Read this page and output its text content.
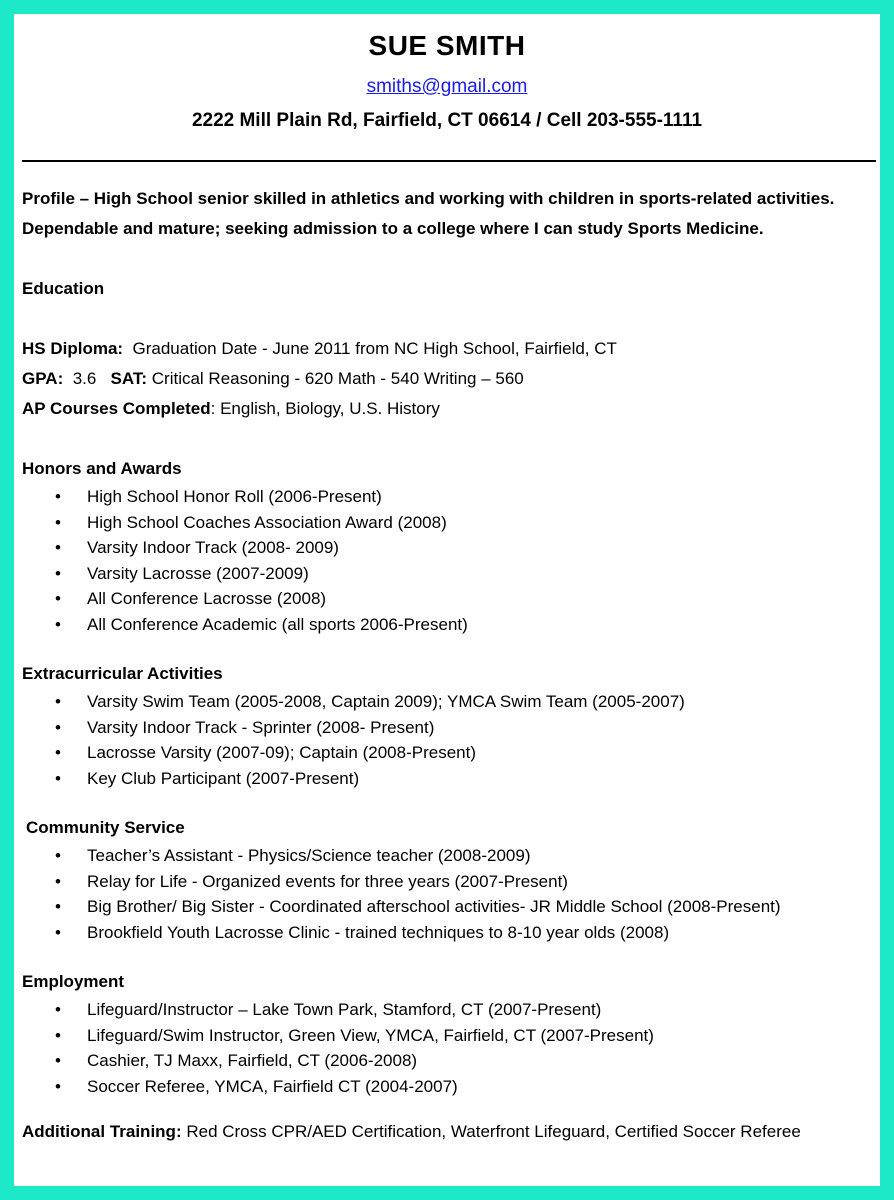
SUE SMITH
smiths@gmail.com
2222 Mill Plain Rd, Fairfield, CT 06614 / Cell 203-555-1111
Profile – High School senior skilled in athletics and working with children in sports-related activities.
Dependable and mature; seeking admission to a college where I can study Sports Medicine.
Education
HS Diploma: Graduation Date - June 2011 from NC High School, Fairfield, CT
GPA: 3.6 SAT: Critical Reasoning - 620 Math - 540 Writing – 560
AP Courses Completed: English, Biology, U.S. History
Honors and Awards
• High School Honor Roll (2006-Present)
• High School Coaches Association Award (2008)
• Varsity Indoor Track (2008- 2009)
• Varsity Lacrosse (2007-2009)
• All Conference Lacrosse (2008)
• All Conference Academic (all sports 2006-Present)
Extracurricular Activities
• Varsity Swim Team (2005-2008, Captain 2009); YMCA Swim Team (2005-2007)
• Varsity Indoor Track - Sprinter (2008- Present)
• Lacrosse Varsity (2007-09); Captain (2008-Present)
• Key Club Participant (2007-Present)
Community Service
• Teacher’s Assistant - Physics/Science teacher (2008-2009)
• Relay for Life - Organized events for three years (2007-Present)
• Big Brother/ Big Sister - Coordinated afterschool activities- JR Middle School (2008-Present)
• Brookfield Youth Lacrosse Clinic - trained techniques to 8-10 year olds (2008)
Employment
• Lifeguard/Instructor – Lake Town Park, Stamford, CT (2007-Present)
• Lifeguard/Swim Instructor, Green View, YMCA, Fairfield, CT (2007-Present)
• Cashier, TJ Maxx, Fairfield, CT (2006-2008)
• Soccer Referee, YMCA, Fairfield CT (2004-2007)
Additional Training: Red Cross CPR/AED Certification, Waterfront Lifeguard, Certified Soccer Referee
